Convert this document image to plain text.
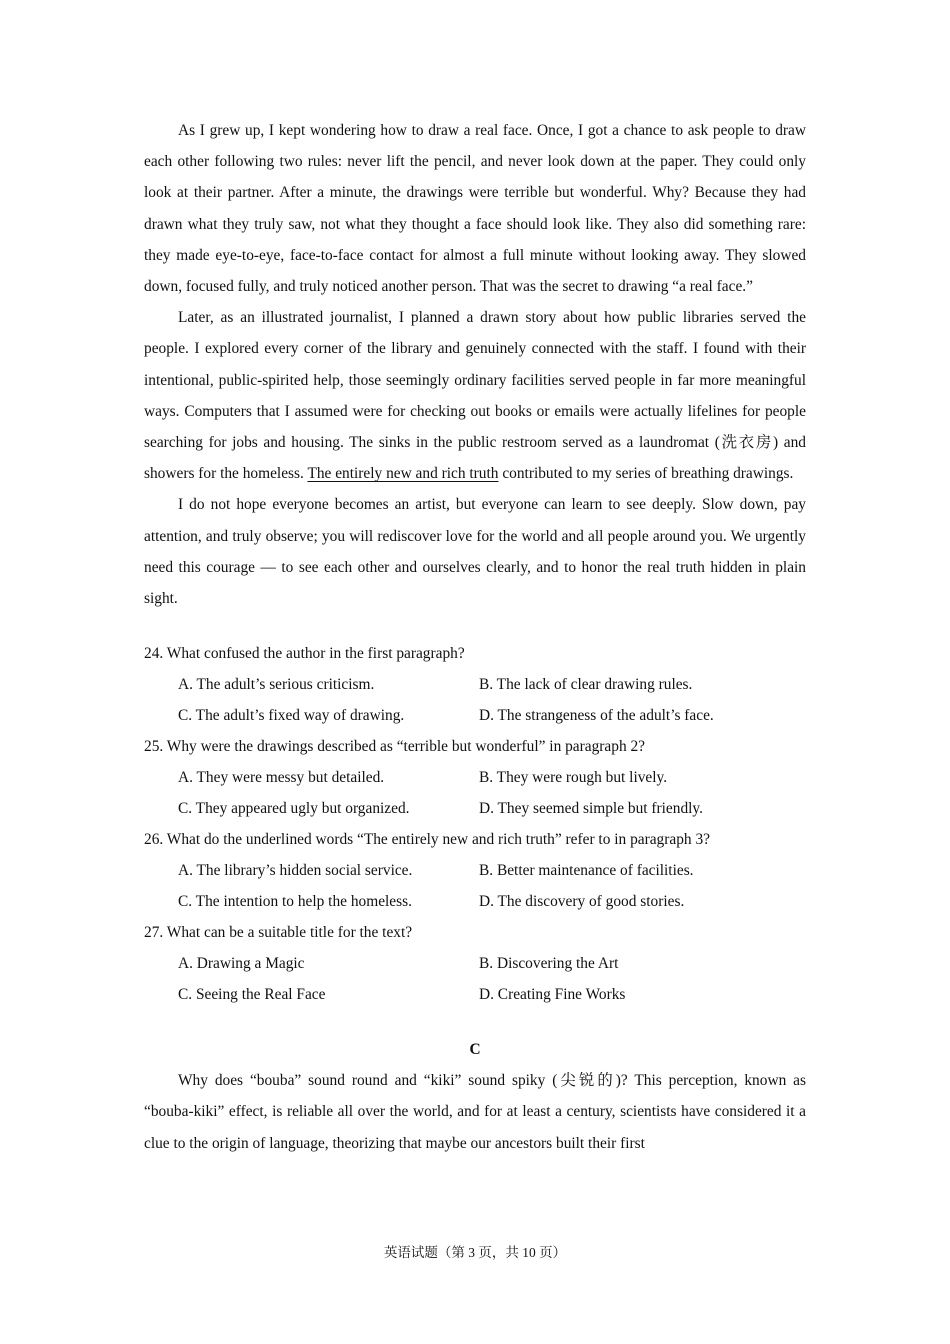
As I grew up, I kept wondering how to draw a real face. Once, I got a chance to ask people to draw each other following two rules: never lift the pencil, and never look down at the paper. They could only look at their partner. After a minute, the drawings were terrible but wonderful. Why? Because they had drawn what they truly saw, not what they thought a face should look like. They also did something rare: they made eye-to-eye, face-to-face contact for almost a full minute without looking away. They slowed down, focused fully, and truly noticed another person. That was the secret to drawing “a real face.”

Later, as an illustrated journalist, I planned a drawn story about how public libraries served the people. I explored every corner of the library and genuinely connected with the staff. I found with their intentional, public-spirited help, those seemingly ordinary facilities served people in far more meaningful ways. Computers that I assumed were for checking out books or emails were actually lifelines for people searching for jobs and housing. The sinks in the public restroom served as a laundromat (洗衣房) and showers for the homeless. The entirely new and rich truth contributed to my series of breathing drawings.

I do not hope everyone becomes an artist, but everyone can learn to see deeply. Slow down, pay attention, and truly observe; you will rediscover love for the world and all people around you. We urgently need this courage — to see each other and ourselves clearly, and to honor the real truth hidden in plain sight.

24. What confused the author in the first paragraph?

A. The adult’s serious criticism.	B. The lack of clear drawing rules.
C. The adult’s fixed way of drawing.	D. The strangeness of the adult’s face.

25. Why were the drawings described as “terrible but wonderful” in paragraph 2?

A. They were messy but detailed.	B. They were rough but lively.
C. They appeared ugly but organized.	D. They seemed simple but friendly.

26. What do the underlined words “The entirely new and rich truth” refer to in paragraph 3?

A. The library’s hidden social service.	B. Better maintenance of facilities.
C. The intention to help the homeless.	D. The discovery of good stories.

27. What can be a suitable title for the text?

A. Drawing a Magic	B. Discovering the Art
C. Seeing the Real Face	D. Creating Fine Works
C

Why does “bouba” sound round and “kiki” sound spiky (尖锐的)? This perception, known as “bouba-kiki” effect, is reliable all over the world, and for at least a century, scientists have considered it a clue to the origin of language, theorizing that maybe our ancestors built their first

英语试题（第 3 页，共 10 页）
